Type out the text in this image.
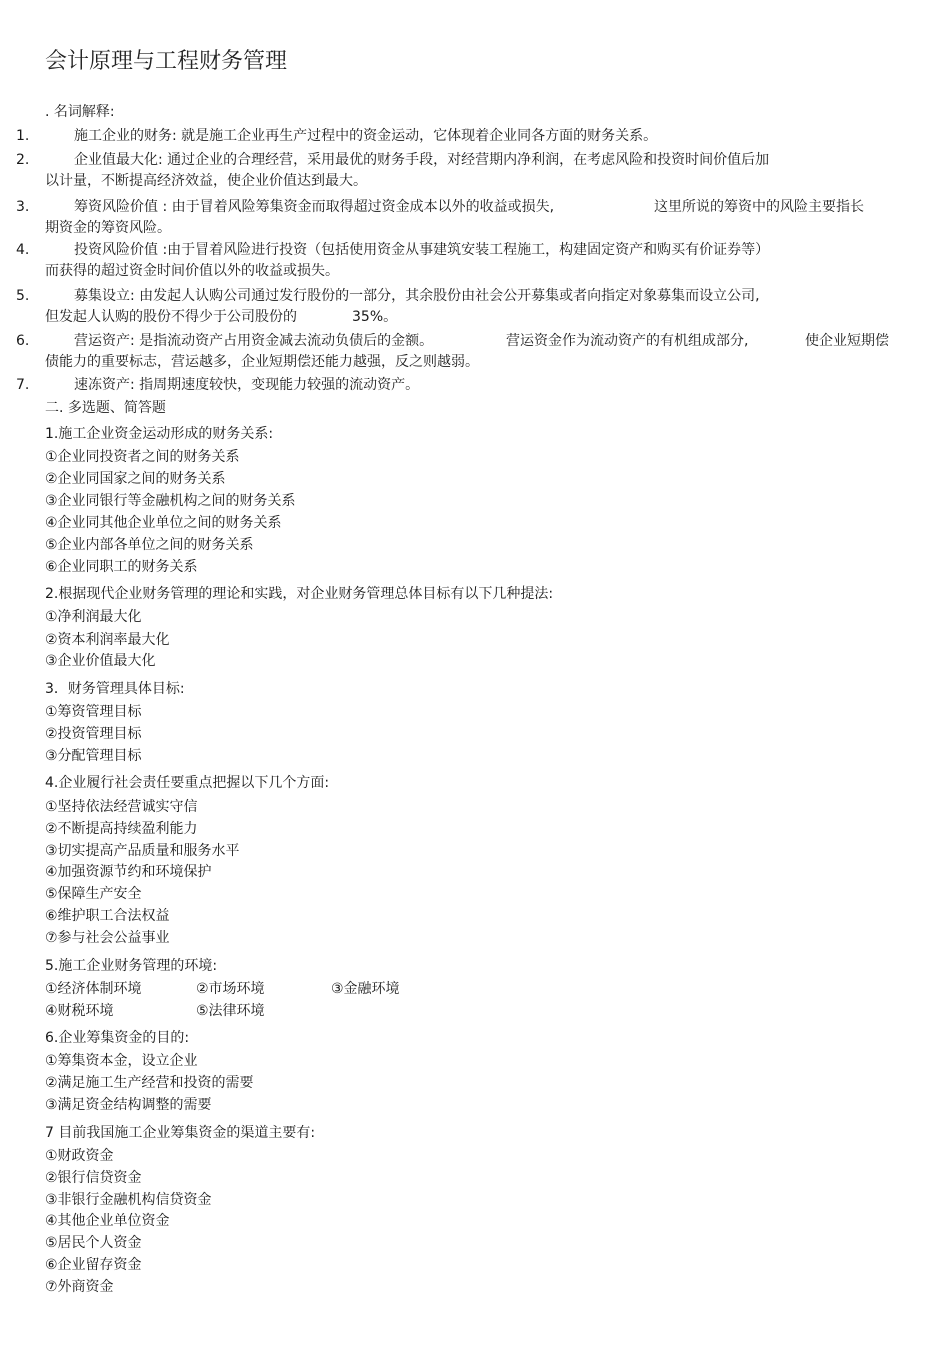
会计原理与工程财务管理
. 名词解释:
1.	施工企业的财务: 就是施工企业再生产过程中的资金运动，它体现着企业同各方面的财务关系。
2.	企业值最大化: 通过企业的合理经营，采用最优的财务手段，对经营期内净利润，在考虑风险和投资时间价值后加
以计量，不断提高经济效益，使企业价值达到最大。
3.	筹资风险价值 : 由于冒着风险筹集资金而取得超过资金成本以外的收益或损失,	这里所说的筹资中的风险主要指长
期资金的筹资风险。
4.	投资风险价值 :由于冒着风险进行投资（包括使用资金从事建筑安装工程施工，构建固定资产和购买有价证券等）
而获得的超过资金时间价值以外的收益或损失。
5.	募集设立: 由发起人认购公司通过发行股份的一部分，其余股份由社会公开募集或者向指定对象募集而设立公司,
但发起人认购的股份不得少于公司股份的	35%。
6.	营运资产: 是指流动资产占用资金减去流动负债后的金额。	营运资金作为流动资产的有机组成部分,	使企业短期偿
债能力的重要标志，营运越多，企业短期偿还能力越强，反之则越弱。
7.	速冻资产: 指周期速度较快，变现能力较强的流动资产。
二. 多选题、简答题
1.施工企业资金运动形成的财务关系:
①企业同投资者之间的财务关系
②企业同国家之间的财务关系
③企业同银行等金融机构之间的财务关系
④企业同其他企业单位之间的财务关系
⑤企业内部各单位之间的财务关系
⑥企业同职工的财务关系
2.根据现代企业财务管理的理论和实践，对企业财务管理总体目标有以下几种提法:
①净利润最大化
②资本利润率最大化
③企业价值最大化
3．财务管理具体目标:
①筹资管理目标
②投资管理目标
③分配管理目标
4.企业履行社会责任要重点把握以下几个方面:
①坚持依法经营诚实守信
②不断提高持续盈利能力
③切实提高产品质量和服务水平
④加强资源节约和环境保护
⑤保障生产安全
⑥维护职工合法权益
⑦参与社会公益事业
5.施工企业财务管理的环境:
①经济体制环境	②市场环境	③金融环境
④财税环境	⑤法律环境
6.企业筹集资金的目的:
①筹集资本金，设立企业
②满足施工生产经营和投资的需要
③满足资金结构调整的需要
7 目前我国施工企业筹集资金的渠道主要有:
①财政资金
②银行信贷资金
③非银行金融机构信贷资金
④其他企业单位资金
⑤居民个人资金
⑥企业留存资金
⑦外商资金
